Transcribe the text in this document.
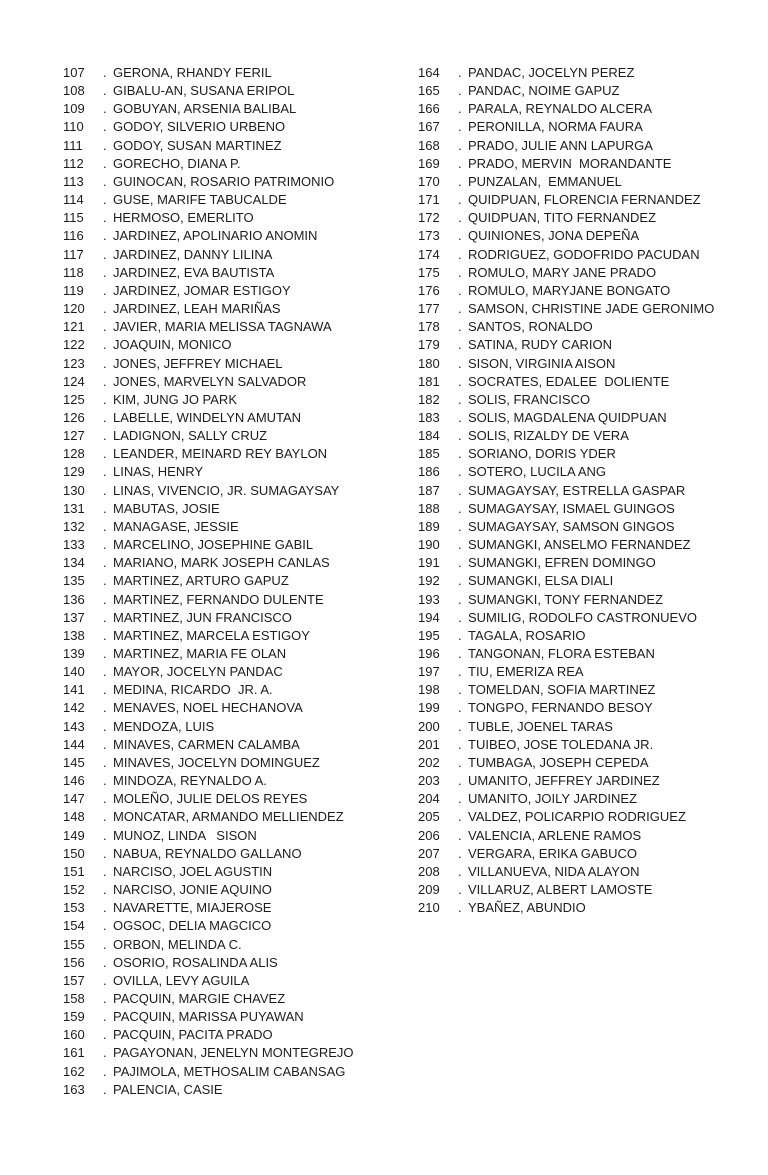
107	. GERONA, RHANDY FERIL
108	. GIBALU-AN, SUSANA ERIPOL
109	. GOBUYAN, ARSENIA BALIBAL
110	. GODOY, SILVERIO URBENO
111	. GODOY, SUSAN MARTINEZ
112	. GORECHO, DIANA P.
113	. GUINOCAN, ROSARIO PATRIMONIO
114	. GUSE, MARIFE TABUCALDE
115	. HERMOSO, EMERLITO
116	. JARDINEZ, APOLINARIO ANOMIN
117	. JARDINEZ, DANNY LILINA
118	. JARDINEZ, EVA BAUTISTA
119	. JARDINEZ, JOMAR ESTIGOY
120	. JARDINEZ, LEAH MARIÑAS
121	. JAVIER, MARIA MELISSA TAGNAWA
122	. JOAQUIN, MONICO
123	. JONES, JEFFREY MICHAEL
124	. JONES, MARVELYN SALVADOR
125	. KIM, JUNG JO PARK
126	. LABELLE, WINDELYN AMUTAN
127	. LADIGNON, SALLY CRUZ
128	. LEANDER, MEINARD REY BAYLON
129	. LINAS, HENRY
130	. LINAS, VIVENCIO, JR. SUMAGAYSAY
131	. MABUTAS, JOSIE
132	. MANAGASE, JESSIE
133	. MARCELINO, JOSEPHINE GABIL
134	. MARIANO, MARK JOSEPH CANLAS
135	. MARTINEZ, ARTURO GAPUZ
136	. MARTINEZ, FERNANDO DULENTE
137	. MARTINEZ, JUN FRANCISCO
138	. MARTINEZ, MARCELA ESTIGOY
139	. MARTINEZ, MARIA FE OLAN
140	. MAYOR, JOCELYN PANDAC
141	. MEDINA, RICARDO  JR. A.
142	. MENAVES, NOEL HECHANOVA
143	. MENDOZA, LUIS
144	. MINAVES, CARMEN CALAMBA
145	. MINAVES, JOCELYN DOMINGUEZ
146	. MINDOZA, REYNALDO A.
147	. MOLEÑO, JULIE DELOS REYES
148	. MONCATAR, ARMANDO MELLIENDEZ
149	. MUNOZ, LINDA   SISON
150	. NABUA, REYNALDO GALLANO
151	. NARCISO, JOEL AGUSTIN
152	. NARCISO, JONIE AQUINO
153	. NAVARETTE, MIAJEROSE
154	. OGSOC, DELIA MAGCICO
155	. ORBON, MELINDA C.
156	. OSORIO, ROSALINDA ALIS
157	. OVILLA, LEVY AGUILA
158	. PACQUIN, MARGIE CHAVEZ
159	. PACQUIN, MARISSA PUYAWAN
160	. PACQUIN, PACITA PRADO
161	. PAGAYONAN, JENELYN MONTEGREJO
162	. PAJIMOLA, METHOSALIM CABANSAG
163	. PALENCIA, CASIE
164	. PANDAC, JOCELYN PEREZ
165	. PANDAC, NOIME GAPUZ
166	. PARALA, REYNALDO ALCERA
167	. PERONILLA, NORMA FAURA
168	. PRADO, JULIE ANN LAPURGA
169	. PRADO, MERVIN  MORANDANTE
170	. PUNZALAN,  EMMANUEL
171	. QUIDPUAN, FLORENCIA FERNANDEZ
172	. QUIDPUAN, TITO FERNANDEZ
173	. QUINIONES, JONA DEPEÑA
174	. RODRIGUEZ, GODOFRIDO PACUDAN
175	. ROMULO, MARY JANE PRADO
176	. ROMULO, MARYJANE BONGATO
177	. SAMSON, CHRISTINE JADE GERONIMO
178	. SANTOS, RONALDO
179	. SATINA, RUDY CARION
180	. SISON, VIRGINIA AISON
181	. SOCRATES, EDALEE  DOLIENTE
182	. SOLIS, FRANCISCO
183	. SOLIS, MAGDALENA QUIDPUAN
184	. SOLIS, RIZALDY DE VERA
185	. SORIANO, DORIS YDER
186	. SOTERO, LUCILA ANG
187	. SUMAGAYSAY, ESTRELLA GASPAR
188	. SUMAGAYSAY, ISMAEL GUINGOS
189	. SUMAGAYSAY, SAMSON GINGOS
190	. SUMANGKI, ANSELMO FERNANDEZ
191	. SUMANGKI, EFREN DOMINGO
192	. SUMANGKI, ELSA DIALI
193	. SUMANGKI, TONY FERNANDEZ
194	. SUMILIG, RODOLFO CASTRONUEVO
195	. TAGALA, ROSARIO
196	. TANGONAN, FLORA ESTEBAN
197	. TIU, EMERIZA REA
198	. TOMELDAN, SOFIA MARTINEZ
199	. TONGPO, FERNANDO BESOY
200	. TUBLE, JOENEL TARAS
201	. TUIBEO, JOSE TOLEDANA JR.
202	. TUMBAGA, JOSEPH CEPEDA
203	. UMANITO, JEFFREY JARDINEZ
204	. UMANITO, JOILY JARDINEZ
205	. VALDEZ, POLICARPIO RODRIGUEZ
206	. VALENCIA, ARLENE RAMOS
207	. VERGARA, ERIKA GABUCO
208	. VILLANUEVA, NIDA ALAYON
209	. VILLARUZ, ALBERT LAMOSTE
210	. YBAÑEZ, ABUNDIO
